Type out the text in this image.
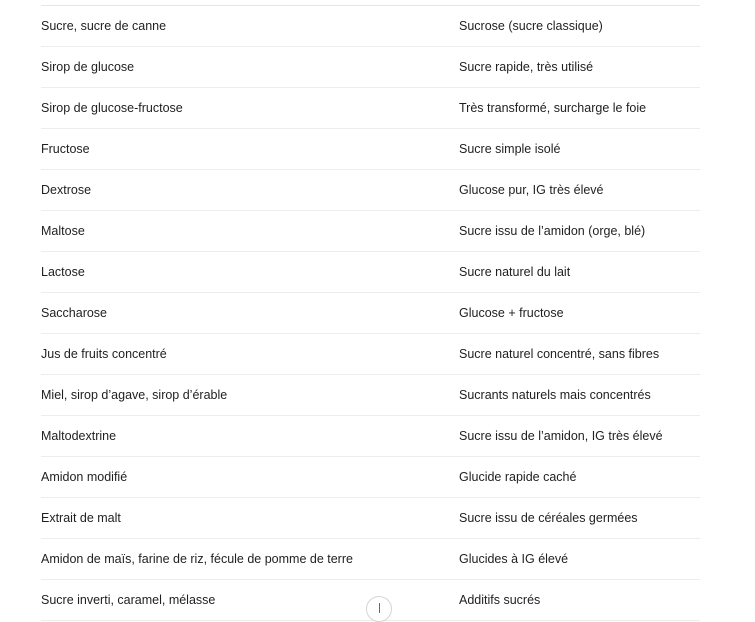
Sucre, sucre de canne	Sucrose (sucre classique)
Sirop de glucose	Sucre rapide, très utilisé
Sirop de glucose-fructose	Très transformé, surcharge le foie
Fructose	Sucre simple isolé
Dextrose	Glucose pur, IG très élevé
Maltose	Sucre issu de l’amidon (orge, blé)
Lactose	Sucre naturel du lait
Saccharose	Glucose + fructose
Jus de fruits concentré	Sucre naturel concentré, sans fibres
Miel, sirop d’agave, sirop d’érable	Sucrants naturels mais concentrés
Maltodextrine	Sucre issu de l’amidon, IG très élevé
Amidon modifié	Glucide rapide caché
Extrait de malt	Sucre issu de céréales germées
Amidon de maïs, farine de riz, fécule de pomme de terre	Glucides à IG élevé
Sucre inverti, caramel, mélasse	Additifs sucrés
